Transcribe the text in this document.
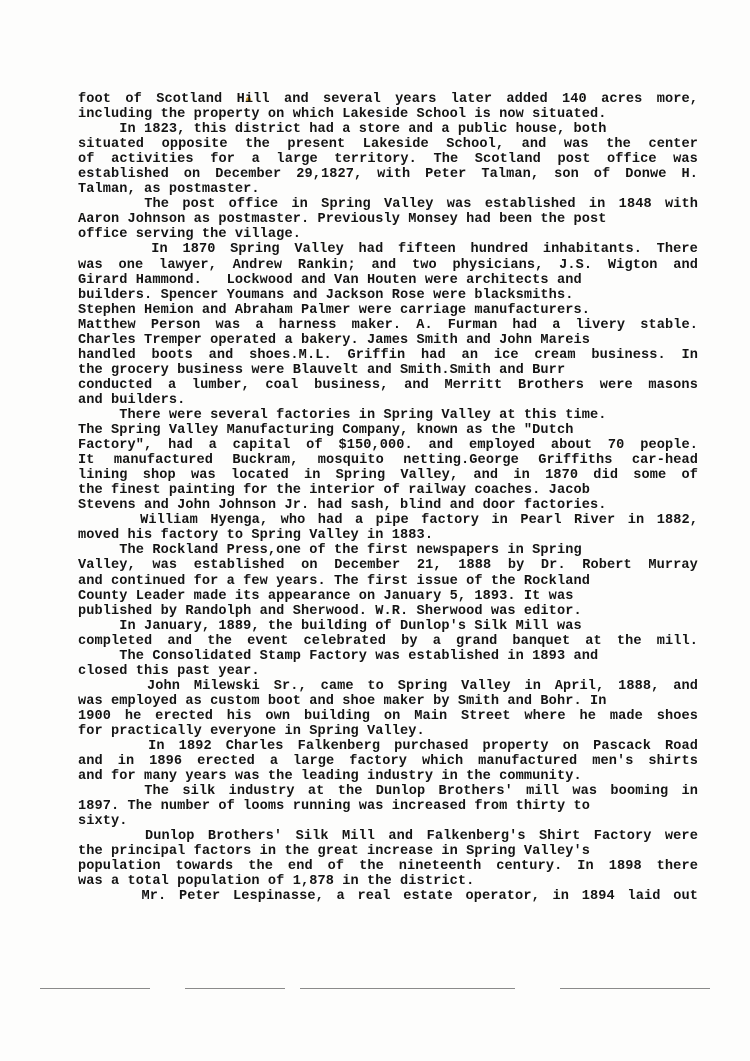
foot of Scotland Hill and several years later added 140 acres more,
including the property on which Lakeside School is now situated.
In 1823, this district had a store and a public house, both
situated opposite the present Lakeside School, and was the center
of activities for a large territory. The Scotland post office was
established on December 29,1827, with Peter Talman, son of Donwe H.
Talman, as postmaster.
The post office in Spring Valley was established in 1848 with
Aaron Johnson as postmaster. Previously Monsey had been the post
office serving the village.
In 1870 Spring Valley had fifteen hundred inhabitants. There
was one lawyer, Andrew Rankin; and two physicians, J.S. Wigton and
Girard Hammond.   Lockwood and Van Houten were architects and
builders. Spencer Youmans and Jackson Rose were blacksmiths.
Stephen Hemion and Abraham Palmer were carriage manufacturers.
Matthew Person was a harness maker. A. Furman had a livery stable.
Charles Tremper operated a bakery. James Smith and John Mareis
handled boots and shoes.M.L. Griffin had an ice cream business. In
the grocery business were Blauvelt and Smith.Smith and Burr
conducted a lumber, coal business, and Merritt Brothers were masons
and builders.
There were several factories in Spring Valley at this time.
The Spring Valley Manufacturing Company, known as the "Dutch
Factory", had a capital of $150,000. and employed about 70 people.
It manufactured Buckram, mosquito netting.George Griffiths car-head
lining shop was located in Spring Valley, and in 1870 did some of
the finest painting for the interior of railway coaches. Jacob
Stevens and John Johnson Jr. had sash, blind and door factories.
William Hyenga, who had a pipe factory in Pearl River in 1882,
moved his factory to Spring Valley in 1883.
The Rockland Press,one of the first newspapers in Spring
Valley, was established on December 21, 1888 by Dr. Robert Murray
and continued for a few years. The first issue of the Rockland
County Leader made its appearance on January 5, 1893. It was
published by Randolph and Sherwood. W.R. Sherwood was editor.
In January, 1889, the building of Dunlop's Silk Mill was
completed and the event celebrated by a grand banquet at the mill.
The Consolidated Stamp Factory was established in 1893 and
closed this past year.
John Milewski Sr., came to Spring Valley in April, 1888, and
was employed as custom boot and shoe maker by Smith and Bohr. In
1900 he erected his own building on Main Street where he made shoes
for practically everyone in Spring Valley.
In 1892 Charles Falkenberg purchased property on Pascack Road
and in 1896 erected a large factory which manufactured men's shirts
and for many years was the leading industry in the community.
The silk industry at the Dunlop Brothers' mill was booming in
1897. The number of looms running was increased from thirty to
sixty.
Dunlop Brothers' Silk Mill and Falkenberg's Shirt Factory were
the principal factors in the great increase in Spring Valley's
population towards the end of the nineteenth century. In 1898 there
was a total population of 1,878 in the district.
Mr. Peter Lespinasse, a real estate operator, in 1894 laid out
